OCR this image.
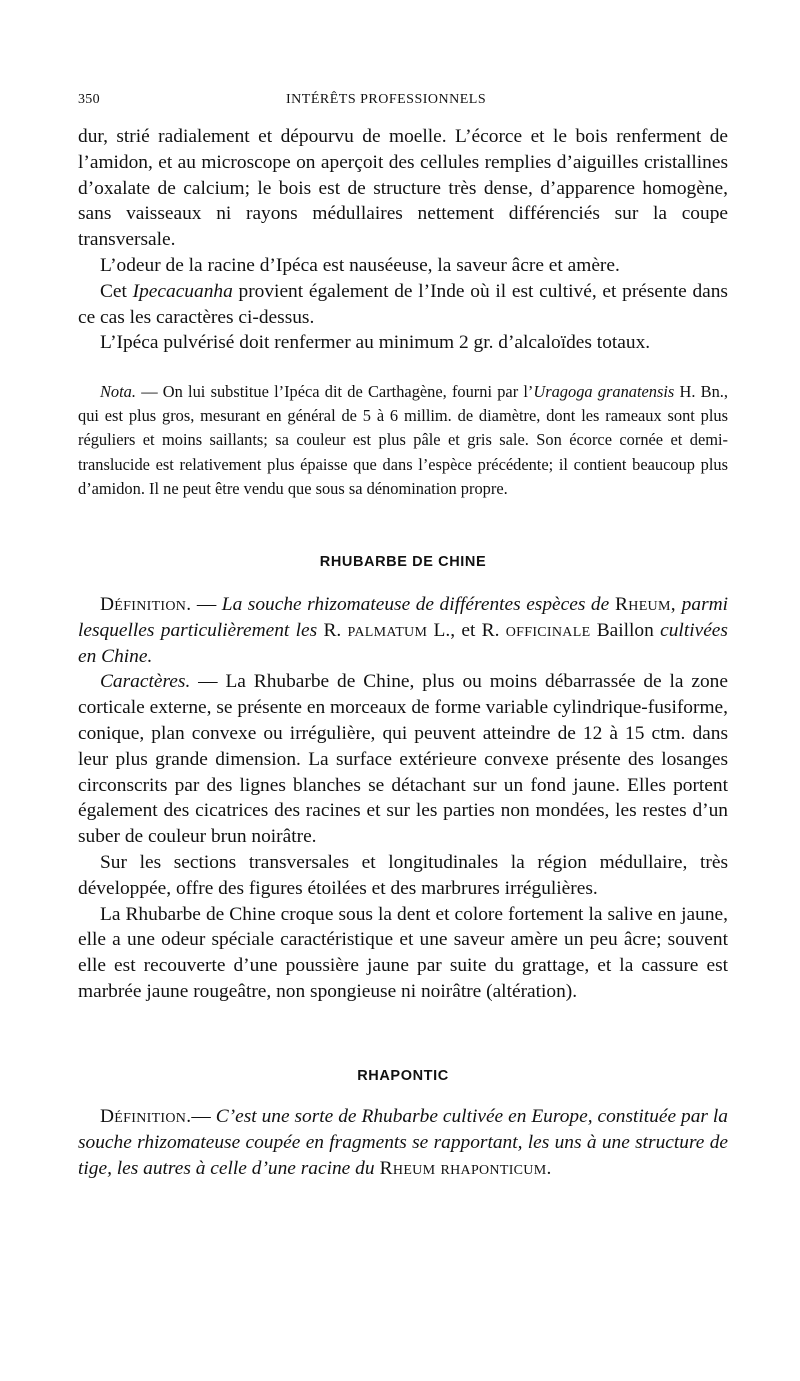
350	INTÉRÊTS PROFESSIONNELS

dur, strié radialement et dépourvu de moelle. L’écorce et le bois renferment de l’amidon, et au microscope on aperçoit des cellules remplies d’aiguilles cristallines d’oxalate de calcium; le bois est de structure très dense, d’apparence homogène, sans vaisseaux ni rayons médullaires nettement différenciés sur la coupe transversale.

L’odeur de la racine d’Ipéca est nauséeuse, la saveur âcre et amère.

Cet Ipecacuanha provient également de l’Inde où il est cultivé, et présente dans ce cas les caractères ci-dessus.

L’Ipéca pulvérisé doit renfermer au minimum 2 gr. d’alcaloïdes totaux.

Nota. — On lui substitue l’Ipéca dit de Carthagène, fourni par l’Uragoga granatensis H. Bn., qui est plus gros, mesurant en général de 5 à 6 millim. de diamètre, dont les rameaux sont plus réguliers et moins saillants; sa couleur est plus pâle et gris sale. Son écorce cornée et demi-translucide est relativement plus épaisse que dans l’espèce précédente; il contient beaucoup plus d’amidon. Il ne peut être vendu que sous sa dénomination propre.

RHUBARBE DE CHINE

Définition. — La souche rhizomateuse de différentes espèces de Rheum, parmi lesquelles particulièrement les R. palmatum L., et R. officinale Baillon cultivées en Chine.

Caractères. — La Rhubarbe de Chine, plus ou moins débarrassée de la zone corticale externe, se présente en morceaux de forme variable cylindrique-fusiforme, conique, plan convexe ou irrégulière, qui peuvent atteindre de 12 à 15 ctm. dans leur plus grande dimension. La surface extérieure convexe présente des losanges circonscrits par des lignes blanches se détachant sur un fond jaune. Elles portent également des cicatrices des racines et sur les parties non mondées, les restes d’un suber de couleur brun noirâtre.

Sur les sections transversales et longitudinales la région médullaire, très développée, offre des figures étoilées et des marbrures irrégulières.

La Rhubarbe de Chine croque sous la dent et colore fortement la salive en jaune, elle a une odeur spéciale caractéristique et une saveur amère un peu âcre; souvent elle est recouverte d’une poussière jaune par suite du grattage, et la cassure est marbrée jaune rougeâtre, non spongieuse ni noirâtre (altération).

RHAPONTIC

Définition.— C’est une sorte de Rhubarbe cultivée en Europe, constituée par la souche rhizomateuse coupée en fragments se rapportant, les uns à une structure de tige, les autres à celle d’une racine du Rheum rhaponticum.
